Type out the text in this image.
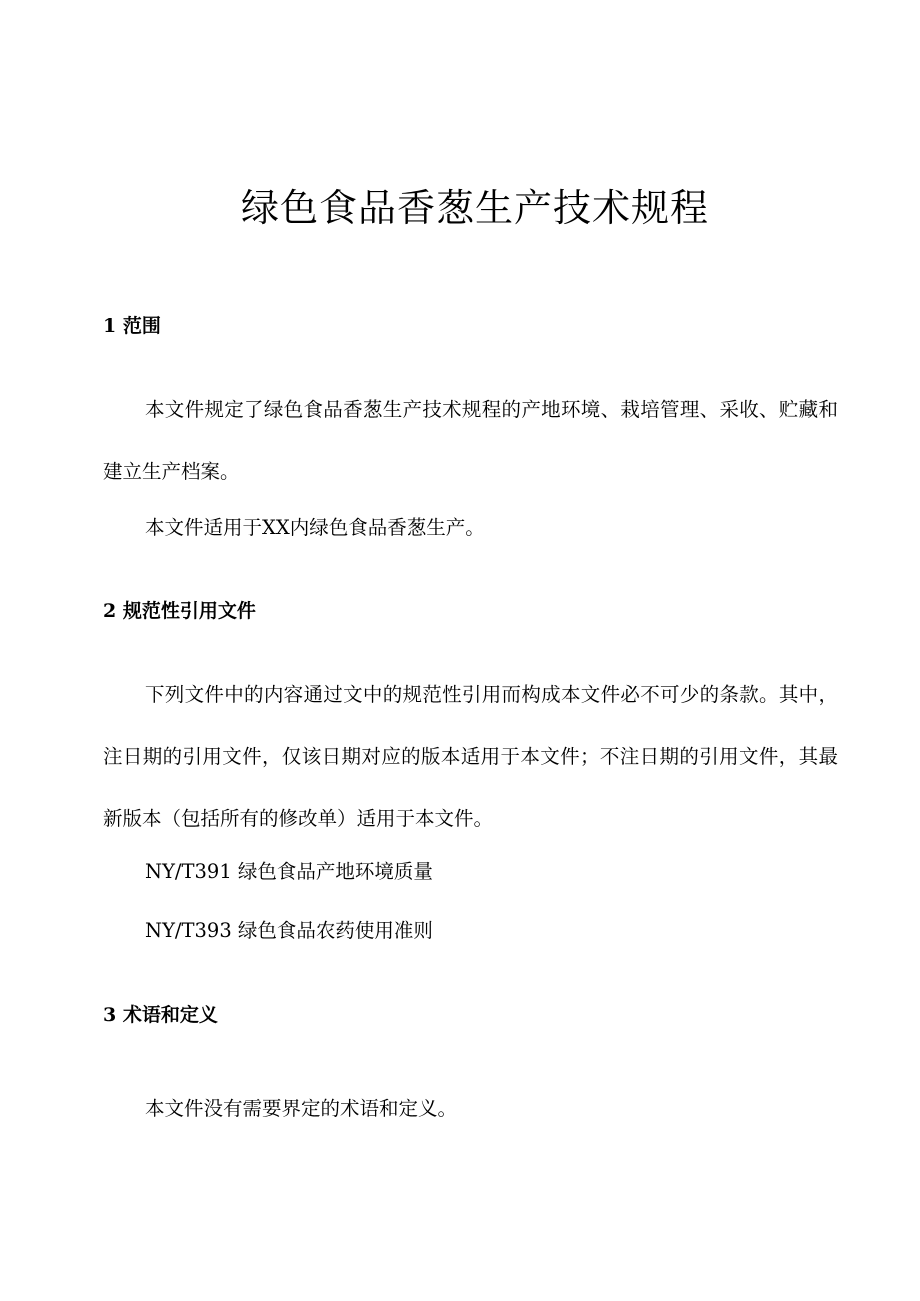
绿色食品香葱生产技术规程
1 范围

本文件规定了绿色食品香葱生产技术规程的产地环境、栽培管理、采收、贮藏和建立生产档案。

本文件适用于XX内绿色食品香葱生产。

2 规范性引用文件

下列文件中的内容通过文中的规范性引用而构成本文件必不可少的条款。其中，注日期的引用文件，仅该日期对应的版本适用于本文件；不注日期的引用文件，其最新版本（包括所有的修改单）适用于本文件。

NY/T391 绿色食品产地环境质量

NY/T393 绿色食品农药使用准则

3 术语和定义

本文件没有需要界定的术语和定义。
